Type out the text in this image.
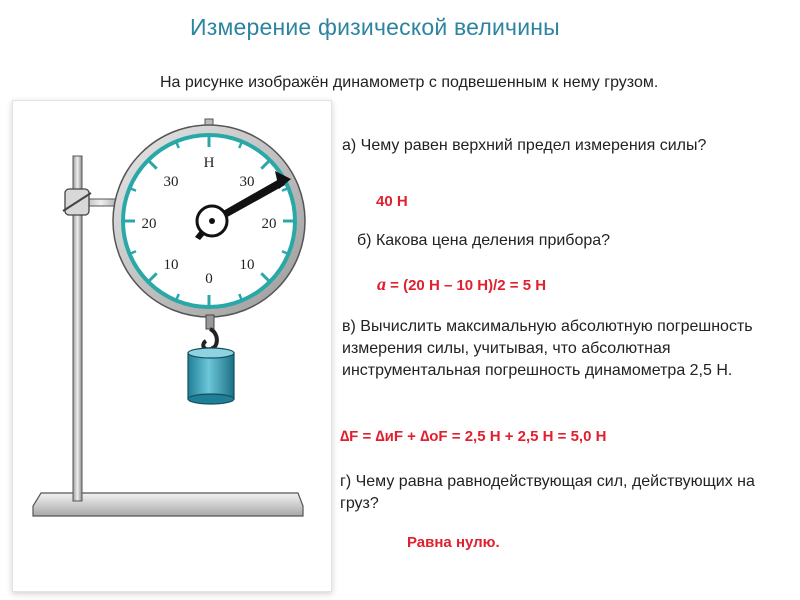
Измерение физической величины
На рисунке изображён динамометр с подвешенным к нему грузом.
Н
30
20
10
30
20
10
0
а) Чему равен верхний предел измерения силы?
40 Н
б) Какова цена деления прибора?
a = (20 Н – 10 Н)/2 = 5 Н
в) Вычислить максимальную абсолютную погрешность измерения силы, учитывая, что абсолютная инструментальная погрешность динамометра 2,5 Н.
∆F = ∆иF + ∆оF = 2,5 Н + 2,5 Н = 5,0 Н
г) Чему равна равнодействующая сил, действующих на груз?
Равна нулю.
